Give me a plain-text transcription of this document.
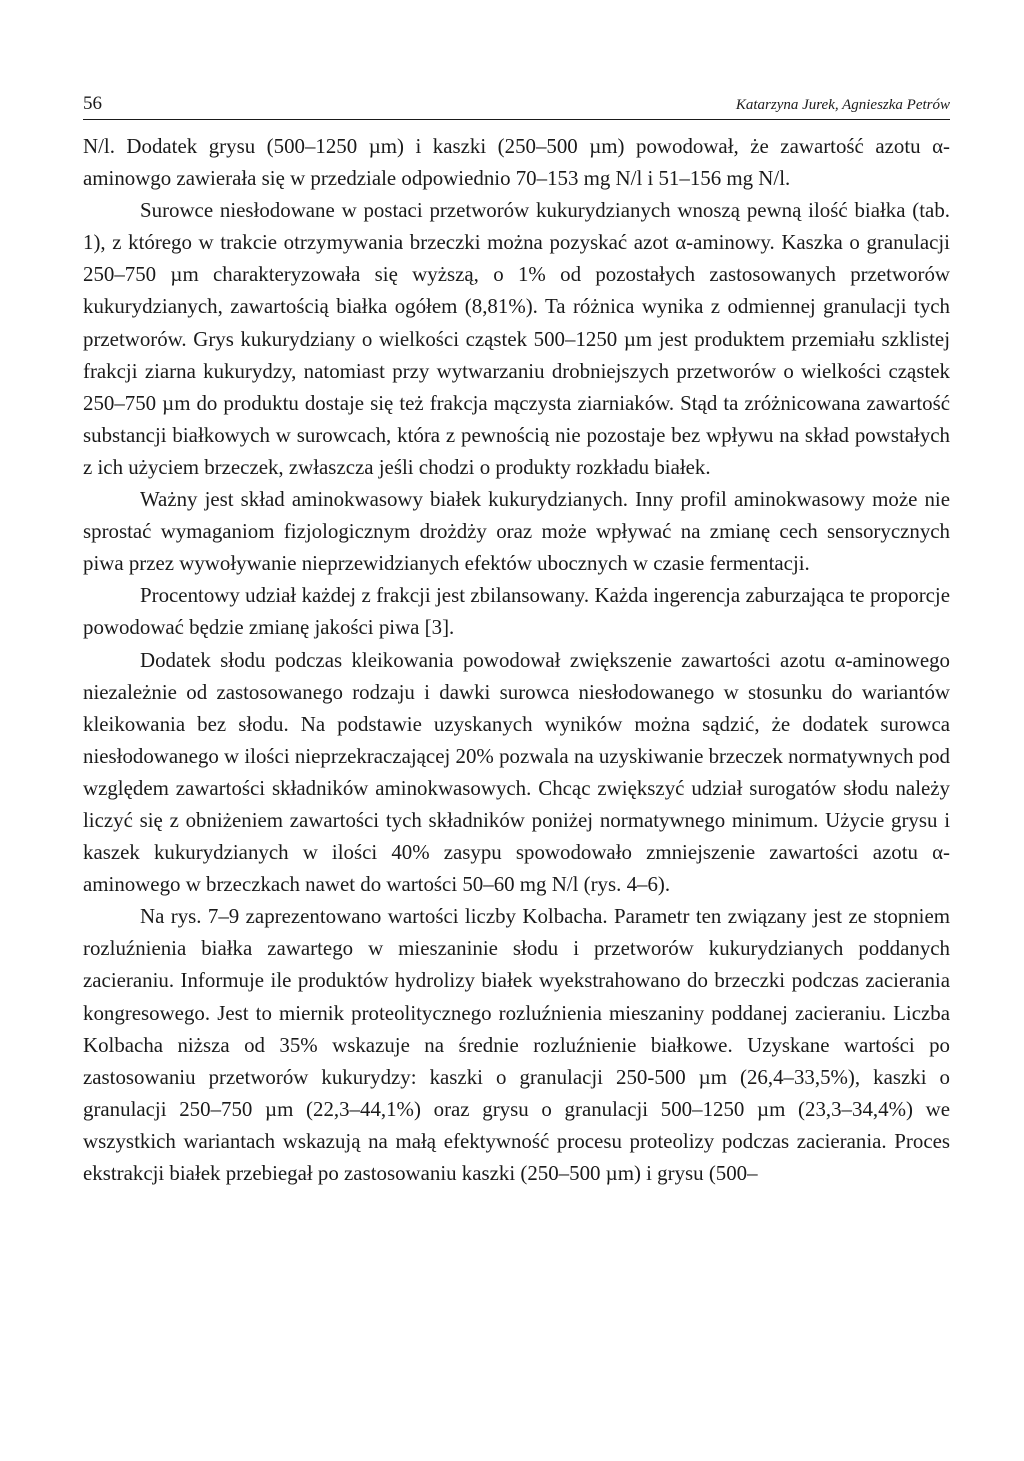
56	Katarzyna Jurek, Agnieszka Petrów

N/l. Dodatek grysu (500–1250 µm) i kaszki (250–500 µm) powodował, że zawartość azotu α-aminowgo zawierała się w przedziale odpowiednio 70–153 mg N/l i 51–156 mg N/l.

Surowce niesłodowane w postaci przetworów kukurydzianych wnoszą pewną ilość białka (tab. 1), z którego w trakcie otrzymywania brzeczki można pozyskać azot α-aminowy. Kaszka o granulacji 250–750 µm charakteryzowała się wyższą, o 1% od pozostałych zastosowanych przetworów kukurydzianych, zawartością białka ogółem (8,81%). Ta różnica wynika z odmiennej granulacji tych przetworów. Grys kukurydziany o wielkości cząstek 500–1250 µm jest produktem przemiału szklistej frakcji ziarna kukurydzy, natomiast przy wytwarzaniu drobniejszych przetworów o wielkości cząstek 250–750 µm do produktu dostaje się też frakcja mączysta ziarniaków. Stąd ta zróżnicowana zawartość substancji białkowych w surowcach, która z pewnością nie pozostaje bez wpływu na skład powstałych z ich użyciem brzeczek, zwłaszcza jeśli chodzi o produkty rozkładu białek.

Ważny jest skład aminokwasowy białek kukurydzianych. Inny profil aminokwasowy może nie sprostać wymaganiom fizjologicznym drożdży oraz może wpływać na zmianę cech sensorycznych piwa przez wywoływanie nieprzewidzianych efektów ubocznych w czasie fermentacji.

Procentowy udział każdej z frakcji jest zbilansowany. Każda ingerencja zaburzająca te proporcje powodować będzie zmianę jakości piwa [3].

Dodatek słodu podczas kleikowania powodował zwiększenie zawartości azotu α-aminowego niezależnie od zastosowanego rodzaju i dawki surowca niesłodowanego w stosunku do wariantów kleikowania bez słodu. Na podstawie uzyskanych wyników można sądzić, że dodatek surowca niesłodowanego w ilości nieprzekraczającej 20% pozwala na uzyskiwanie brzeczek normatywnych pod względem zawartości składników aminokwasowych. Chcąc zwiększyć udział surogatów słodu należy liczyć się z obniżeniem zawartości tych składników poniżej normatywnego minimum. Użycie grysu i kaszek kukurydzianych w ilości 40% zasypu spowodowało zmniejszenie zawartości azotu α-aminowego w brzeczkach nawet do wartości 50–60 mg N/l (rys. 4–6).

Na rys. 7–9 zaprezentowano wartości liczby Kolbacha. Parametr ten związany jest ze stopniem rozluźnienia białka zawartego w mieszaninie słodu i przetworów kukurydzianych poddanych zacieraniu. Informuje ile produktów hydrolizy białek wyekstrahowano do brzeczki podczas zacierania kongresowego. Jest to miernik proteolitycznego rozluźnienia mieszaniny poddanej zacieraniu. Liczba Kolbacha niższa od 35% wskazuje na średnie rozluźnienie białkowe. Uzyskane wartości po zastosowaniu przetworów kukurydzy: kaszki o granulacji 250-500 µm (26,4–33,5%), kaszki o granulacji 250–750 µm (22,3–44,1%) oraz grysu o granulacji 500–1250 µm (23,3–34,4%) we wszystkich wariantach wskazują na małą efektywność procesu proteolizy podczas zacierania. Proces ekstrakcji białek przebiegał po zastosowaniu kaszki (250–500 µm) i grysu (500–
